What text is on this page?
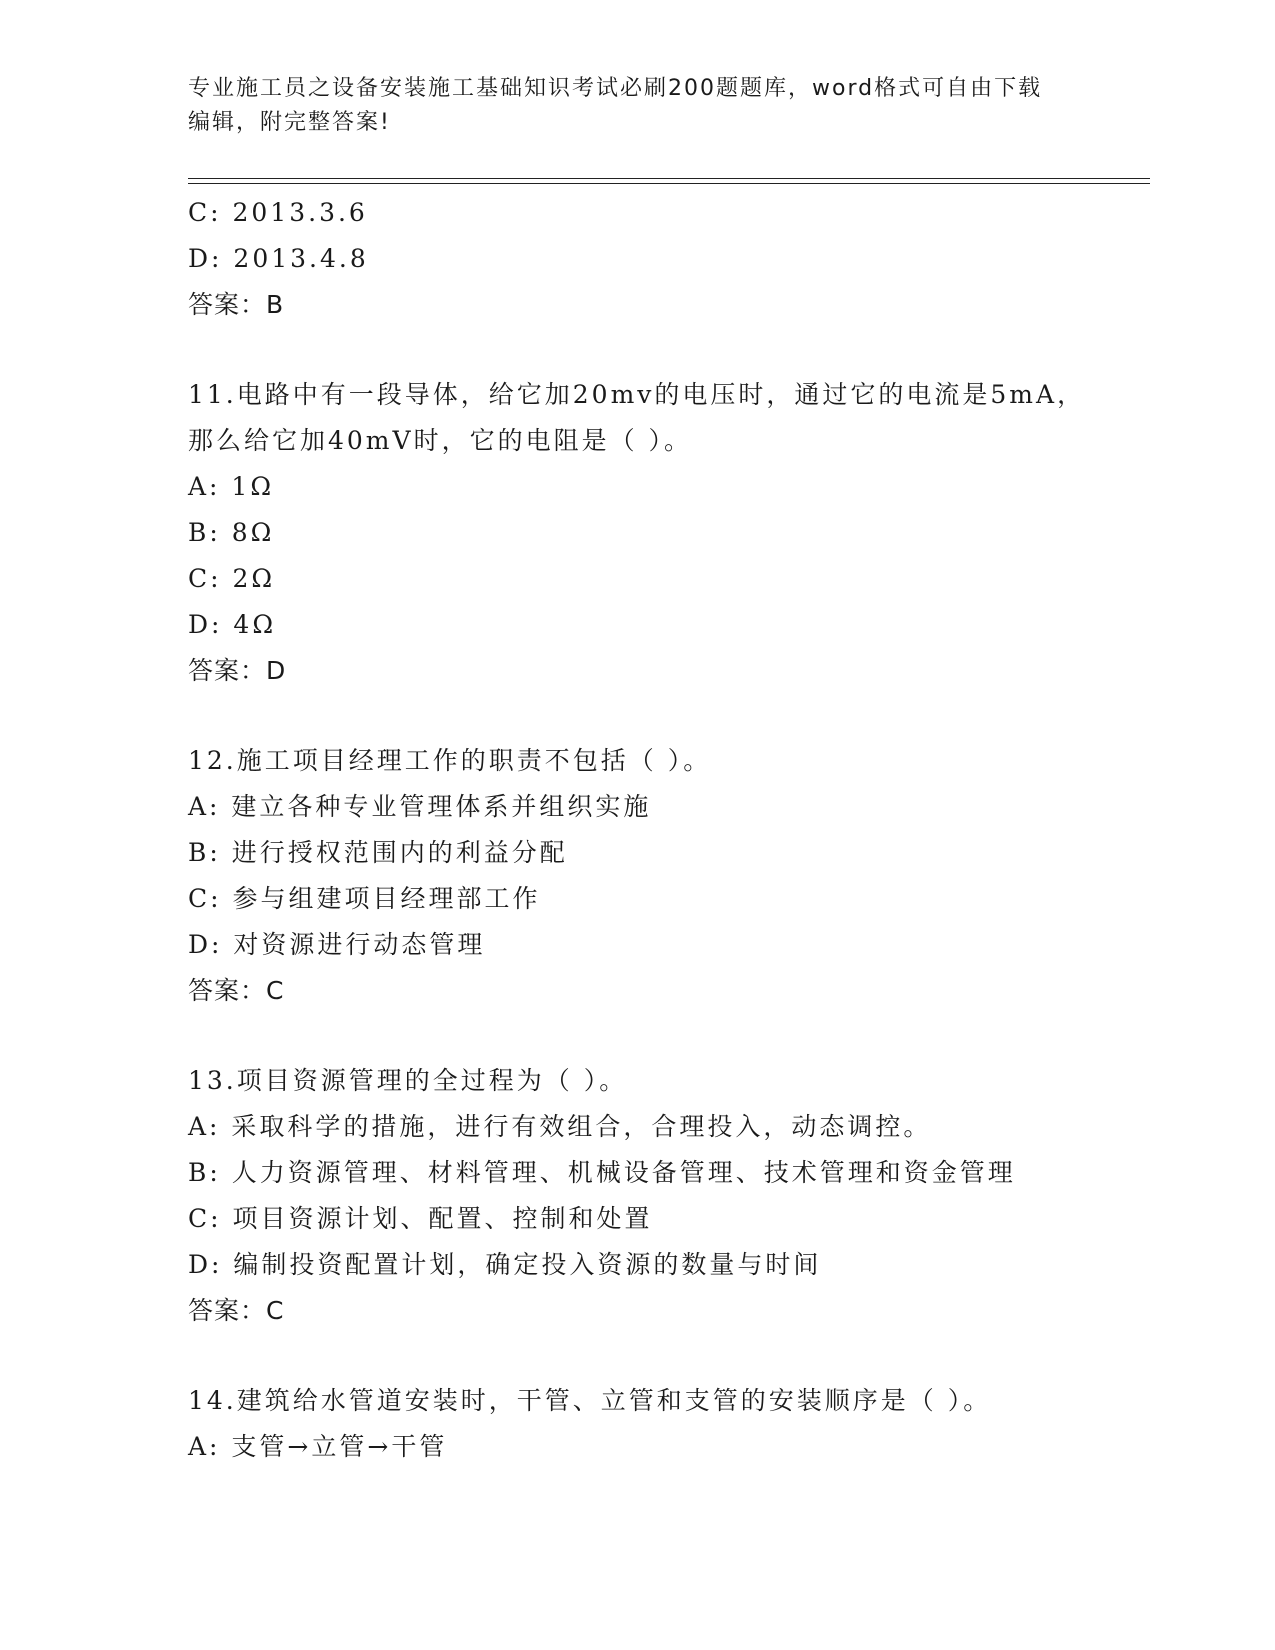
专业施工员之设备安装施工基础知识考试必刷200题题库，word格式可自由下载
编辑，附完整答案!
C: 2013.3.6
D: 2013.4.8
答案：B
11.电路中有一段导体，给它加20mv的电压时，通过它的电流是5mA，
那么给它加40mV时，它的电阻是（ ）。
A: 1Ω
B: 8Ω
C: 2Ω
D: 4Ω
答案：D
12.施工项目经理工作的职责不包括（ ）。
A: 建立各种专业管理体系并组织实施
B: 进行授权范围内的利益分配
C: 参与组建项目经理部工作
D: 对资源进行动态管理
答案：C
13.项目资源管理的全过程为（ ）。
A: 采取科学的措施，进行有效组合，合理投入，动态调控。
B: 人力资源管理、材料管理、机械设备管理、技术管理和资金管理
C: 项目资源计划、配置、控制和处置
D: 编制投资配置计划，确定投入资源的数量与时间
答案：C
14.建筑给水管道安装时，干管、立管和支管的安装顺序是（ ）。
A: 支管→立管→干管
